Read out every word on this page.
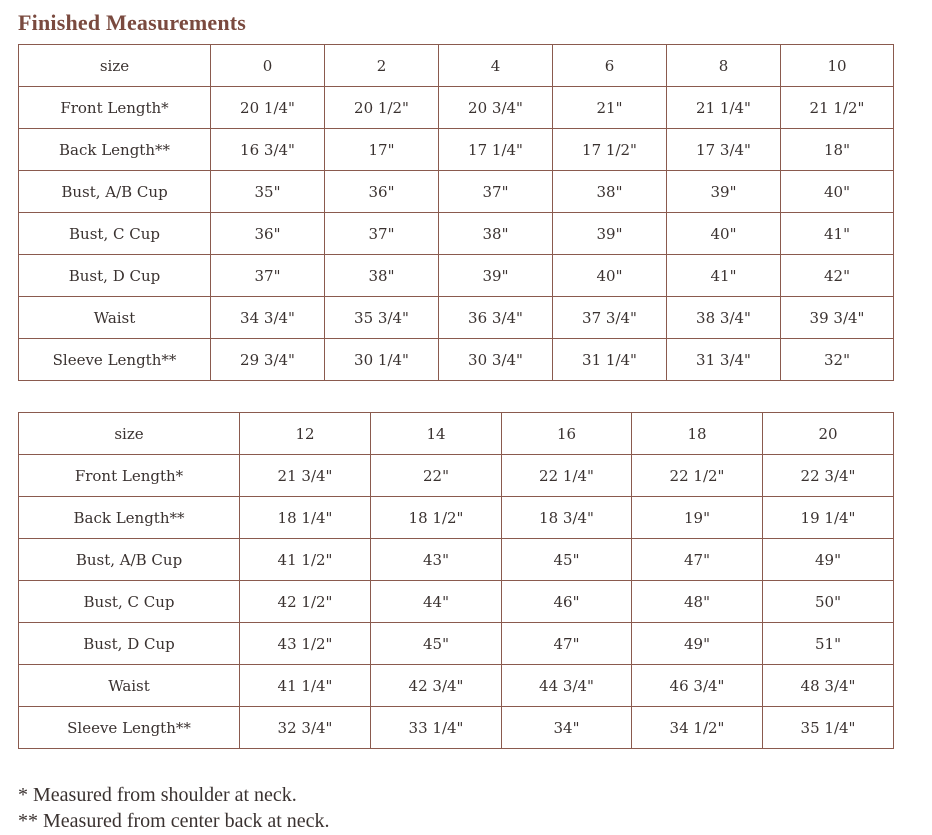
Finished Measurements
size	0	2	4	6	8	10
Front Length*	20 1/4"	20 1/2"	20 3/4"	21"	21 1/4"	21 1/2"
Back Length**	16 3/4"	17"	17 1/4"	17 1/2"	17 3/4"	18"
Bust, A/B Cup	35"	36"	37"	38"	39"	40"
Bust, C Cup	36"	37"	38"	39"	40"	41"
Bust, D Cup	37"	38"	39"	40"	41"	42"
Waist	34 3/4"	35 3/4"	36 3/4"	37 3/4"	38 3/4"	39 3/4"
Sleeve Length**	29 3/4"	30 1/4"	30 3/4"	31 1/4"	31 3/4"	32"
size	12	14	16	18	20
Front Length*	21 3/4"	22"	22 1/4"	22 1/2"	22 3/4"
Back Length**	18 1/4"	18 1/2"	18 3/4"	19"	19 1/4"
Bust, A/B Cup	41 1/2"	43"	45"	47"	49"
Bust, C Cup	42 1/2"	44"	46"	48"	50"
Bust, D Cup	43 1/2"	45"	47"	49"	51"
Waist	41 1/4"	42 3/4"	44 3/4"	46 3/4"	48 3/4"
Sleeve Length**	32 3/4"	33 1/4"	34"	34 1/2"	35 1/4"

* Measured from shoulder at neck.

** Measured from center back at neck.
